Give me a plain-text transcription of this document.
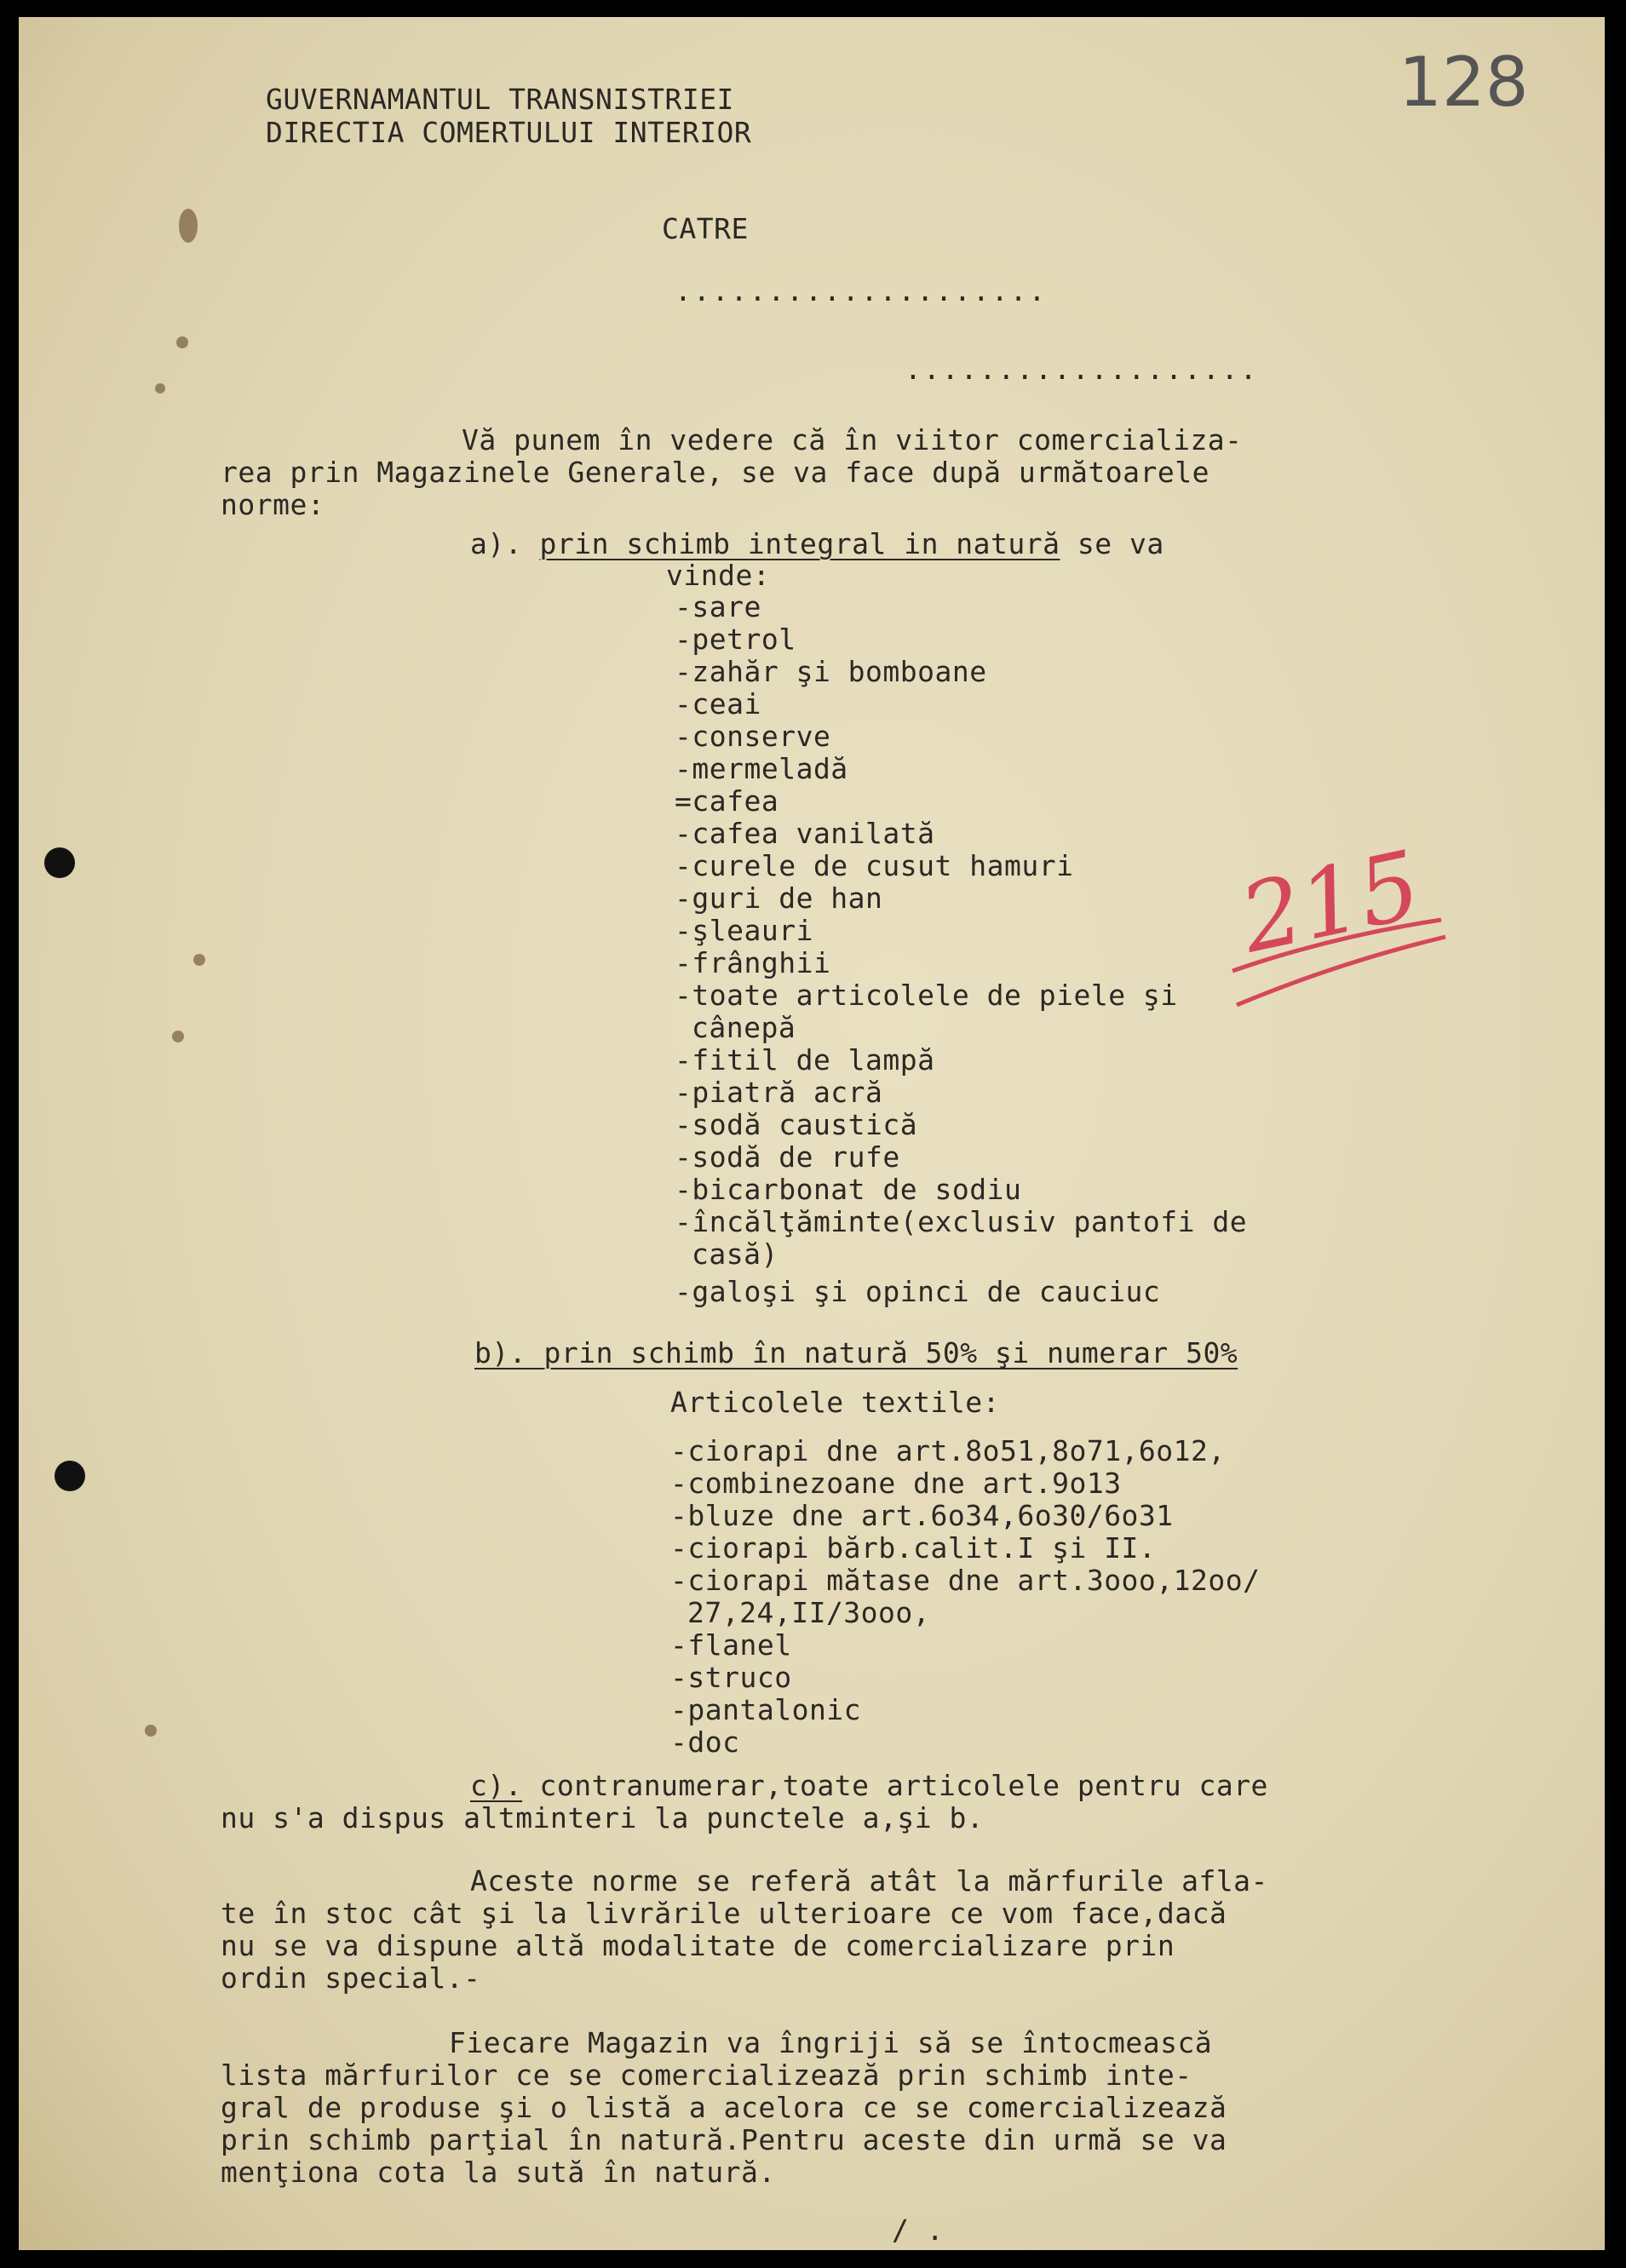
128
215
GUVERNAMANTUL TRANSNISTRIEI
DIRECTIA COMERTULUI INTERIOR
CATRE
....................
...................
Vă punem în vedere că în viitor comercializa-
rea prin Magazinele Generale, se va face după următoarele
norme:
a). prin schimb integral in natură se va
vinde:
-sare
-petrol
-zahăr şi bomboane
-ceai
-conserve
-mermeladă
=cafea
-cafea vanilată
-curele de cusut hamuri
-guri de han
-şleauri
-frânghii
-toate articolele de piele şi
cânepă
-fitil de lampă
-piatră acră
-sodă caustică
-sodă de rufe
-bicarbonat de sodiu
-încălţăminte(exclusiv pantofi de
casă)
-galoşi şi opinci de cauciuc
b). prin schimb în natură 50% şi numerar 50%
Articolele textile:
-ciorapi dne art.8o51,8o71,6o12,
-combinezoane dne art.9o13
-bluze dne art.6o34,6o30/6o31
-ciorapi bărb.calit.I şi II.
-ciorapi mătase dne art.3ooo,12oo/
27,24,II/3ooo,
-flanel
-struco
-pantalonic
-doc
c). contranumerar,toate articolele pentru care
nu s'a dispus altminteri la punctele a,şi b.
Aceste norme se referă atât la mărfurile afla-
te în stoc cât şi la livrările ulterioare ce vom face,dacă
nu se va dispune altă modalitate de comercializare prin
ordin special.-
Fiecare Magazin va îngriji să se întocmească
lista mărfurilor ce se comercializează prin schimb inte-
gral de produse şi o listă a acelora ce se comercializează
prin schimb parţial în natură.Pentru aceste din urmă se va
menţiona cota la sută în natură.
/ .
